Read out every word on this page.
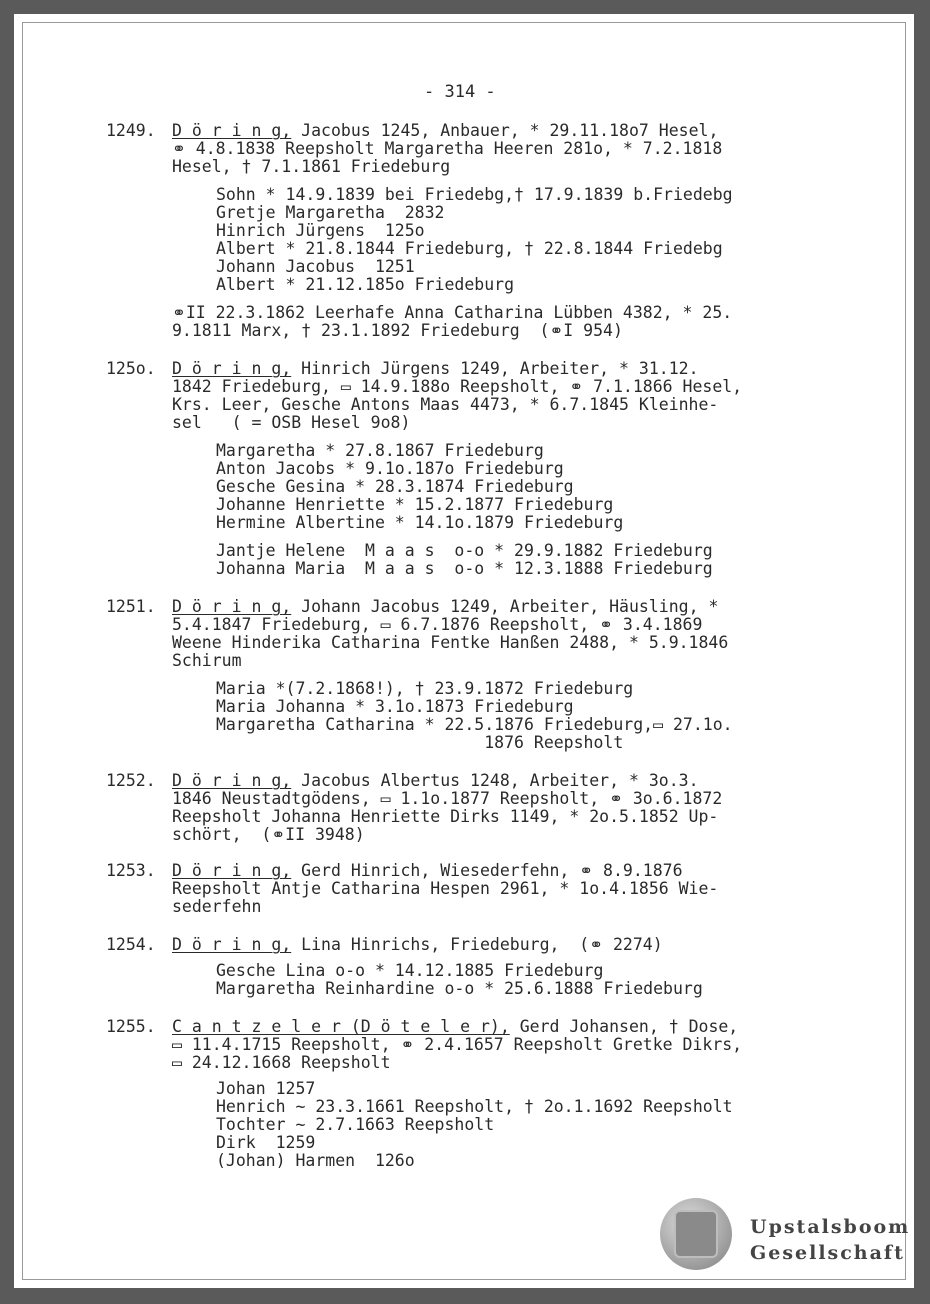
- 314 -
1249. D ö r i n g, Jacobus 1245, Anbauer, * 29.11.18o7 Hesel,
⚭ 4.8.1838 Reepsholt Margaretha Heeren 281o, * 7.2.1818
Hesel, † 7.1.1861 Friedeburg
Sohn * 14.9.1839 bei Friedebg,† 17.9.1839 b.Friedebg
Gretje Margaretha  2832
Hinrich Jürgens  125o
Albert * 21.8.1844 Friedeburg, † 22.8.1844 Friedebg
Johann Jacobus  1251
Albert * 21.12.185o Friedeburg
⚭II 22.3.1862 Leerhafe Anna Catharina Lübben 4382, * 25.
9.1811 Marx, † 23.1.1892 Friedeburg  (⚭I 954)
125o. D ö r i n g, Hinrich Jürgens 1249, Arbeiter, * 31.12.
1842 Friedeburg, ▭ 14.9.188o Reepsholt, ⚭ 7.1.1866 Hesel,
Krs. Leer, Gesche Antons Maas 4473, * 6.7.1845 Kleinhe-
sel   ( = OSB Hesel 9o8)
Margaretha * 27.8.1867 Friedeburg
Anton Jacobs * 9.1o.187o Friedeburg
Gesche Gesina * 28.3.1874 Friedeburg
Johanne Henriette * 15.2.1877 Friedeburg
Hermine Albertine * 14.1o.1879 Friedeburg
Jantje Helene  M a a s  o-o * 29.9.1882 Friedeburg
Johanna Maria  M a a s  o-o * 12.3.1888 Friedeburg
1251. D ö r i n g, Johann Jacobus 1249, Arbeiter, Häusling, *
5.4.1847 Friedeburg, ▭ 6.7.1876 Reepsholt, ⚭ 3.4.1869
Weene Hinderika Catharina Fentke Hanßen 2488, * 5.9.1846
Schirum
Maria *(7.2.1868!), † 23.9.1872 Friedeburg
Maria Johanna * 3.1o.1873 Friedeburg
Margaretha Catharina * 22.5.1876 Friedeburg,▭ 27.1o.
1876 Reepsholt
1252. D ö r i n g, Jacobus Albertus 1248, Arbeiter, * 3o.3.
1846 Neustadtgödens, ▭ 1.1o.1877 Reepsholt, ⚭ 3o.6.1872
Reepsholt Johanna Henriette Dirks 1149, * 2o.5.1852 Up-
schört,  (⚭II 3948)
1253. D ö r i n g, Gerd Hinrich, Wiesederfehn, ⚭ 8.9.1876
Reepsholt Antje Catharina Hespen 2961, * 1o.4.1856 Wie-
sederfehn
1254. D ö r i n g, Lina Hinrichs, Friedeburg,  (⚭ 2274)
Gesche Lina o-o * 14.12.1885 Friedeburg
Margaretha Reinhardine o-o * 25.6.1888 Friedeburg
1255. C a n t z e l e r (D ö t e l e r), Gerd Johansen, † Dose,
▭ 11.4.1715 Reepsholt, ⚭ 2.4.1657 Reepsholt Gretke Dikrs,
▭ 24.12.1668 Reepsholt
Johan 1257
Henrich ~ 23.3.1661 Reepsholt, † 2o.1.1692 Reepsholt
Tochter ~ 2.7.1663 Reepsholt
Dirk  1259
(Johan) Harmen  126o
Upstalsboom
Gesellschaft
